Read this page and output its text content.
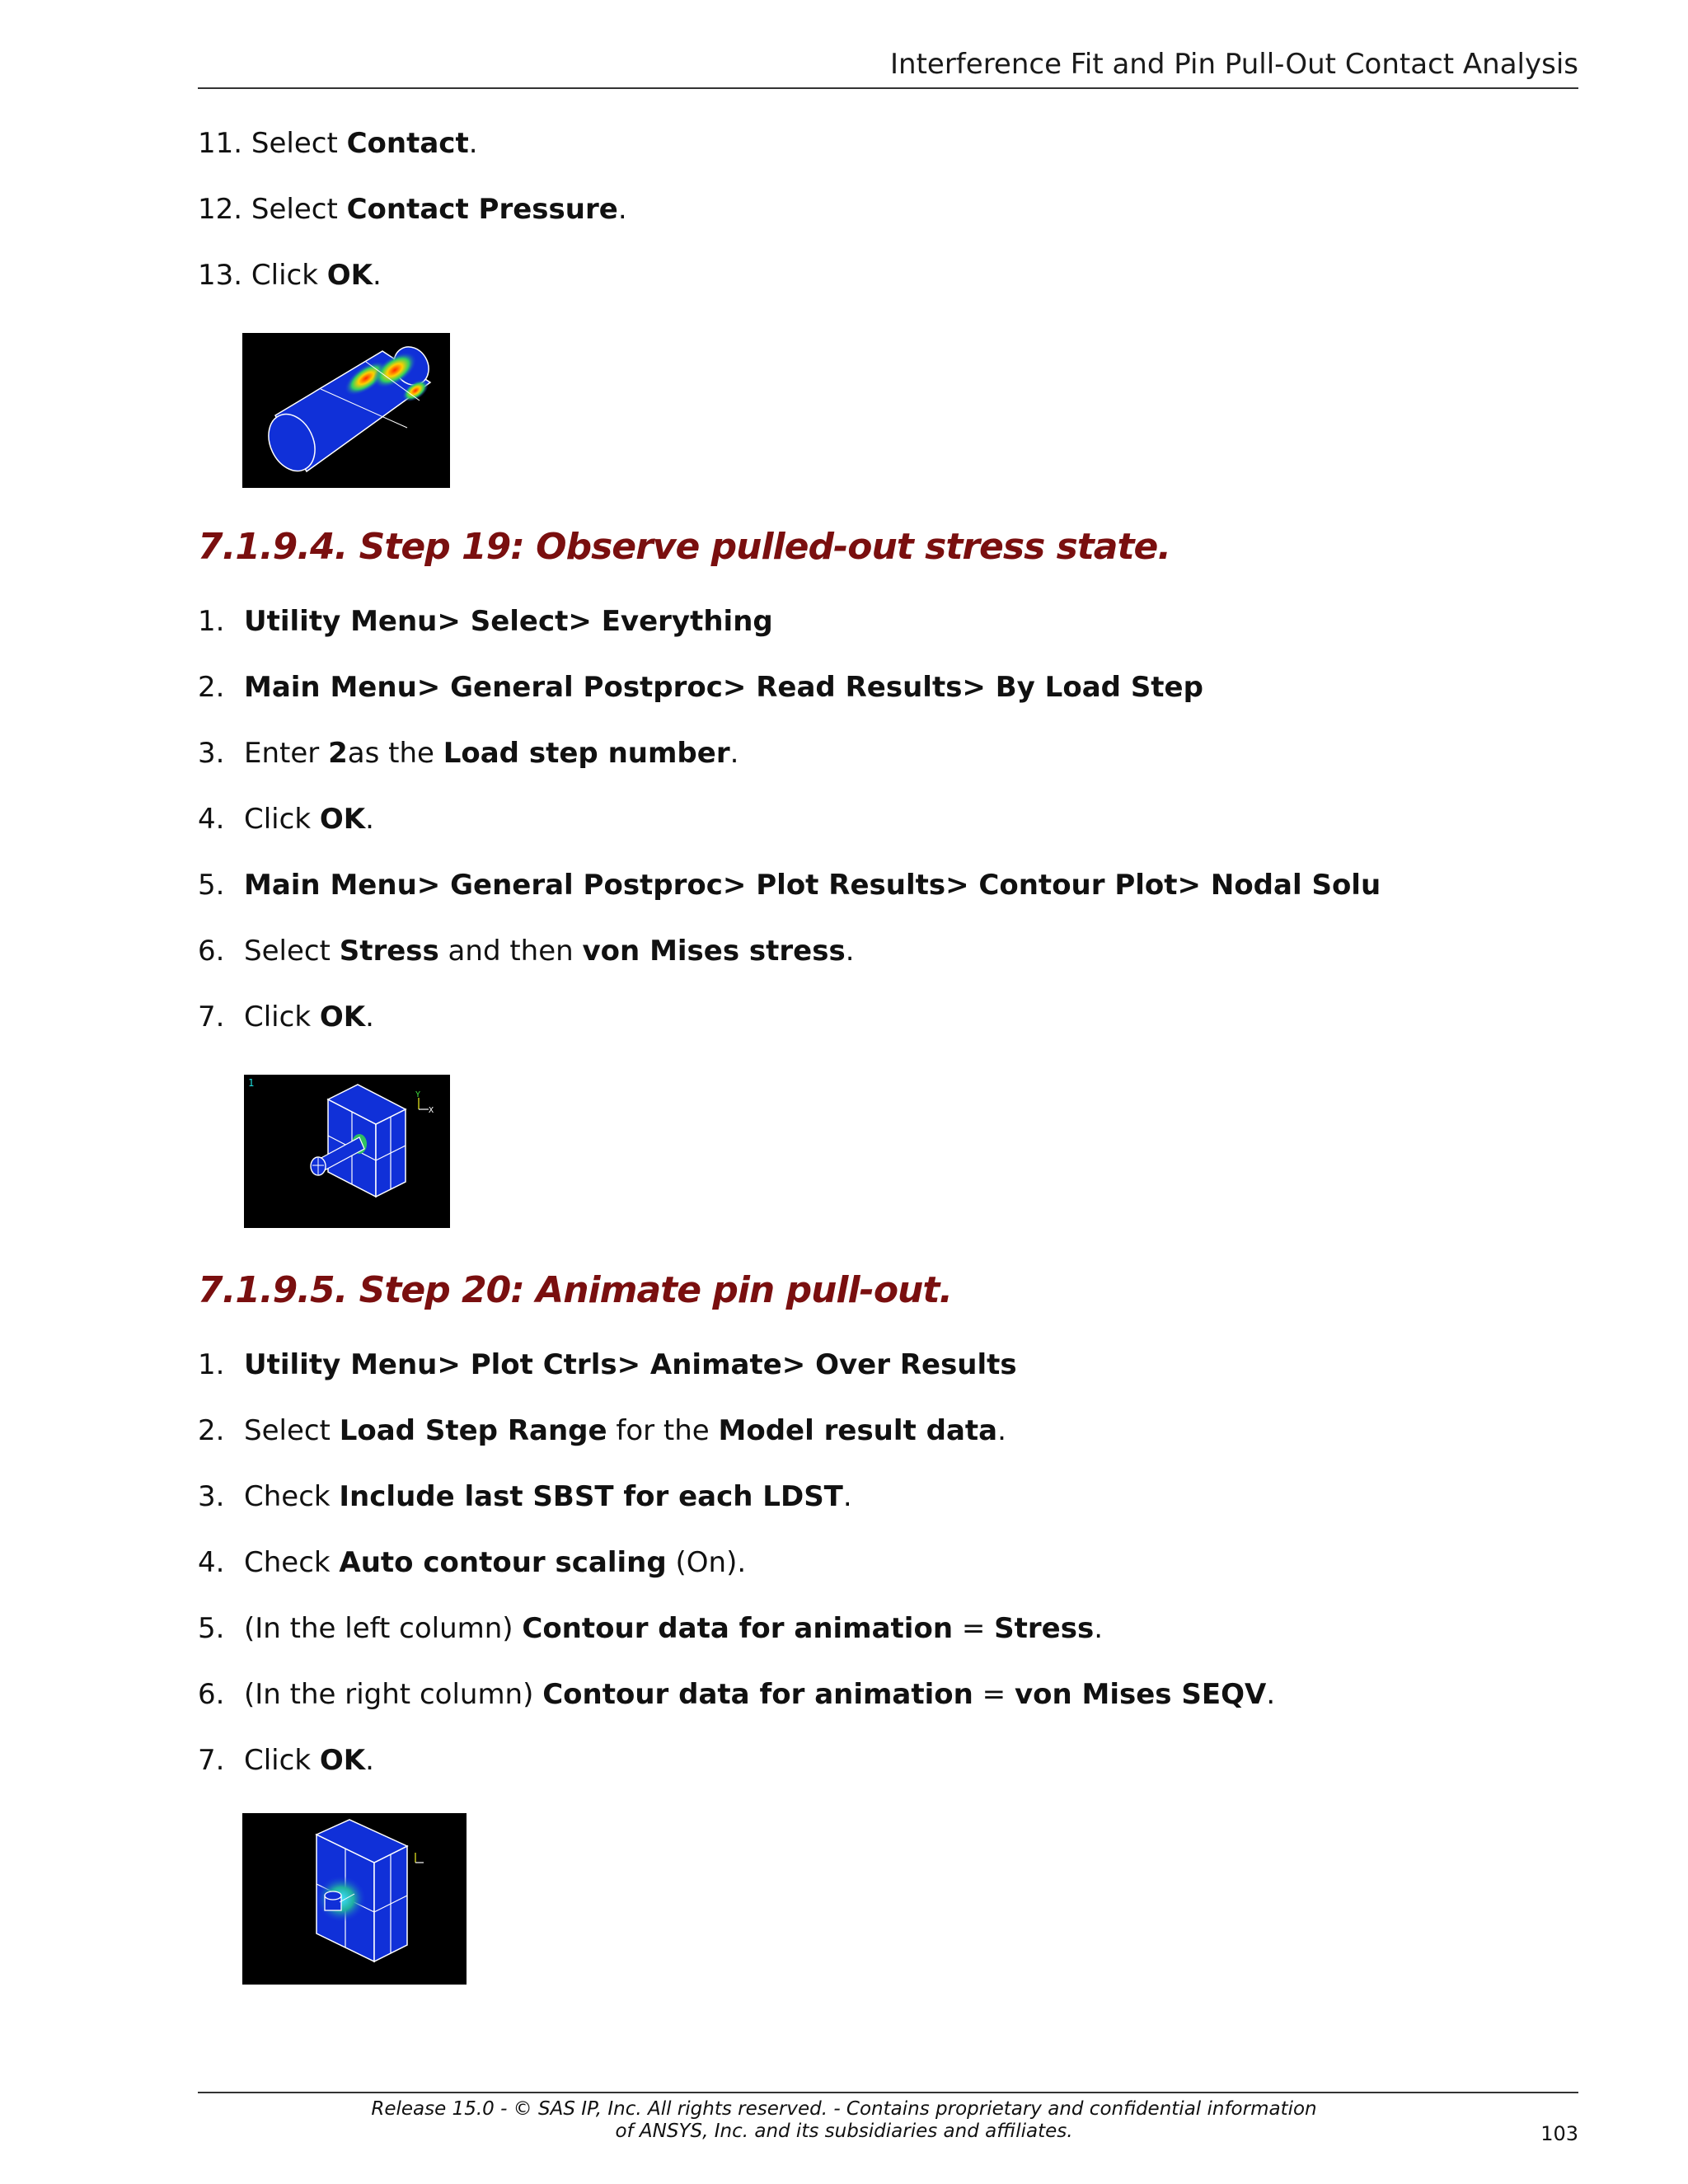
Interference Fit and Pin Pull-Out Contact Analysis
11. Select Contact.
12. Select Contact Pressure.
13. Click OK.
7.1.9.4. Step 19: Observe pulled-out stress state.
1. Utility Menu> Select> Everything
2. Main Menu> General Postproc> Read Results> By Load Step
3. Enter 2as the Load step number.
4. Click OK.
5. Main Menu> General Postproc> Plot Results> Contour Plot> Nodal Solu
6. Select Stress and then von Mises stress.
7. Click OK.
1
Y
X
7.1.9.5. Step 20: Animate pin pull-out.
1. Utility Menu> Plot Ctrls> Animate> Over Results
2. Select Load Step Range for the Model result data.
3. Check Include last SBST for each LDST.
4. Check Auto contour scaling (On).
5. (In the left column) Contour data for animation = Stress.
6. (In the right column) Contour data for animation = von Mises SEQV.
7. Click OK.
Release 15.0 - © SAS IP, Inc. All rights reserved. - Contains proprietary and confidential information
of ANSYS, Inc. and its subsidiaries and affiliates.	103
